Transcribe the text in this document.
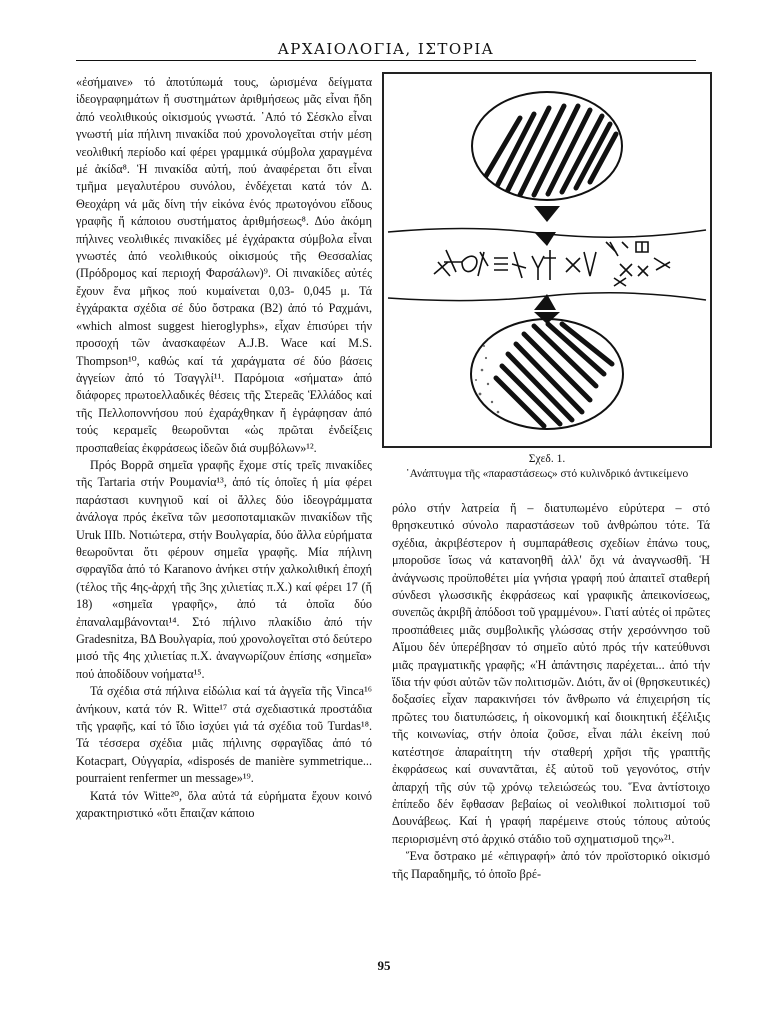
ΑΡΧΑΙΟΛΟΓΙΑ, ΙΣΤΟΡΙΑ

«ἐσήμαινε» τό ἀποτύπωμά τους, ὡρισμένα δείγματα ἰδεογραφημάτων ἤ συστημάτων ἀριθμήσεως μᾶς εἶναι ἤδη ἀπό νεολιθικούς οἰκισμούς γνωστά. ᾿Από τό Σέσκλο εἶναι γνωστή μία πήλινη πινακίδα πού χρονολογεῖται στήν μέση νεολιθική περίοδο καί φέρει γραμμικά σύμβολα χαραγμένα μέ ἀκίδα⁸. Ἡ πινακίδα αὐτή, πού ἀναφέρεται ὅτι εἶναι τμῆμα μεγαλυτέρου συνόλου, ἐνδέχεται κατά τόν Δ. Θεοχάρη νά μᾶς δίνη τήν εἰκόνα ἑνός πρωτογόνου εἴδους γραφῆς ἤ κάποιου συστήματος ἀριθμήσεως⁸. Δύο ἀκόμη πήλινες νεολιθικές πινακίδες μέ ἐγχάρακτα σύμβολα εἶναι γνωστές ἀπό νεολιθικούς οἰκισμούς τῆς Θεσσαλίας (Πρόδρομος καί περιοχή Φαρσάλων)⁹. Οἱ πινακίδες αὐτές ἔχουν ἕνα μῆκος πού κυμαίνεται 0,03- 0,045 μ. Τά ἐγχάρακτα σχέδια σέ δύο ὄστρακα (B2) ἀπό τό Ραχμάνι, «which almost suggest hieroglyphs», εἶχαν ἑπισύρει τήν προσοχή τῶν ἀνασκαφέων A.J.B. Wace καί M.S. Thompson¹⁰, καθώς καί τά χαράγματα σέ δύο βάσεις ἀγγείων ἀπό τό Τσαγγλί¹¹. Παρόμοια «σήματα» ἀπό διάφορες πρωτοελλαδικές θέσεις τῆς Στερεᾶς Ἑλλάδος καί τῆς Πελλοποννήσου πού ἐχαράχθηκαν ἤ ἐγράφησαν ἀπό τούς κεραμεῖς θεωροῦνται «ὡς πρῶται ἐνδείξεις προσπαθείας ἐκφράσεως ἰδεῶν διά συμβόλων»¹².

Πρός Βορρᾶ σημεῖα γραφῆς ἔχομε στίς τρεῖς πινακίδες τῆς Tartaria στήν Ρουμανία¹³, ἀπό τίς ὁποῖες ἡ μία φέρει παράστασι κυνηγιοῦ καί οἱ ἄλλες δύο ἰδεογράμματα ἀνάλογα πρός ἐκεῖνα τῶν μεσοποταμιακῶν πινακίδων τῆς Uruk IIIb. Νοτιώτερα, στήν Βουλγαρία, δύο ἄλλα εὑρήματα θεωροῦνται ὅτι φέρουν σημεῖα γραφῆς. Μία πήλινη σφραγῖδα ἀπό τό Karanovo ἀνήκει στήν χαλκολιθική ἐποχή (τέλος τῆς 4ης-ἀρχή τῆς 3ης χιλιετίας π.Χ.) καί φέρει 17 (ἤ 18) «σημεῖα γραφῆς», ἀπό τά ὁποῖα δύο ἐπαναλαμβάνονται¹⁴. Στό πήλινο πλακίδιο ἀπό τήν Gradesnitza, ΒΔ Βουλγαρία, πού χρονολογεῖται στό δεύτερο μισό τῆς 4ης χιλιετίας π.Χ. ἀναγνωρίζουν ἐπίσης «σημεῖα» πού ἀποδίδουν νοήματα¹⁵.

Τά σχέδια στά πήλινα εἰδώλια καί τά ἀγγεῖα τῆς Vinca¹⁶ ἀνήκουν, κατά τόν R. Witte¹⁷ στά σχεδιαστικά προστάδια τῆς γραφῆς, καί τό ἴδιο ἰσχύει γιά τά σχέδια τοῦ Turdas¹⁸. Τά τέσσερα σχέδια μιᾶς πήλινης σφραγῖδας ἀπό τό Kotacpart, Οὐγγαρία, «disposés de manière symmetrique... pourraient renfermer un message»¹⁹.

Κατά τόν Witte²⁰, ὅλα αὐτά τά εὑρήματα ἔχουν κοινό χαρακτηριστικό «ὅτι ἔπαιζαν κάποιο

Σχεδ. 1.
᾿Ανάπτυγμα τῆς «παραστάσεως» στό κυλινδρικό ἀντικείμενο

ρόλο στήν λατρεία ἤ – διατυπωμένο εὐρύτερα – στό θρησκευτικό σύνολο παραστάσεων τοῦ ἀνθρώπου τότε. Τά σχέδια, ἀκριβέστερον ἡ συμπαράθεσις σχεδίων ἐπάνω τους, μποροῦσε ἴσως νά κατανοηθῆ ἀλλ' ὄχι νά ἀναγνωσθῆ. Ἡ ἀνάγνωσις προϋποθέτει μία γνήσια γραφή πού ἀπαιτεῖ σταθερή σύνδεσι γλωσσικῆς ἐκφράσεως καί γραφικῆς ἀπεικονίσεως, συνεπῶς ἀκριβῆ ἀπόδοσι τοῦ γραμμένου». Γιατί αὐτές οἱ πρῶτες προσπάθειες μιᾶς συμβολικῆς γλώσσας στήν χερσόννησο τοῦ Αἵμου δέν ὑπερέβησαν τό σημεῖο αὐτό πρός τήν κατεύθυνσι μιᾶς πραγματικῆς γραφῆς; «Ἡ ἀπάντησις παρέχεται... ἀπό τήν ἴδια τήν φύσι αὐτῶν τῶν πολιτισμῶν. Διότι, ἄν οἱ (θρησκευτικές) δοξασίες εἶχαν παρακινήσει τόν ἄνθρωπο νά ἐπιχειρήση τίς πρῶτες του διατυπώσεις, ἡ οἰκονομική καί διοικητική ἐξέλιξις τῆς κοινωνίας, στήν ὁποία ζοῦσε, εἶναι πάλι ἐκείνη πού κατέστησε ἀπαραίτητη τήν σταθερή χρῆσι τῆς γραπτῆς ἐκφράσεως καί συναντᾶται, ἐξ αὐτοῦ τοῦ γεγονότος, στήν ἀπαρχή τῆς σύν τῷ χρόνῳ τελειώσεώς του. Ἕνα ἀντίστοιχο ἐπίπεδο δέν ἔφθασαν βεβαίως οἱ νεολιθικοί πολιτισμοί τοῦ Δουνάβεως. Καί ἡ γραφή παρέμεινε στούς τόπους αὐτούς περιορισμένη στό ἀρχικό στάδιο τοῦ σχηματισμοῦ της»²¹.

Ἕνα ὄστρακο μέ «ἐπιγραφή» ἀπό τόν προϊστορικό οἰκισμό τῆς Παραδημῆς, τό ὁποῖο βρέ-

95
